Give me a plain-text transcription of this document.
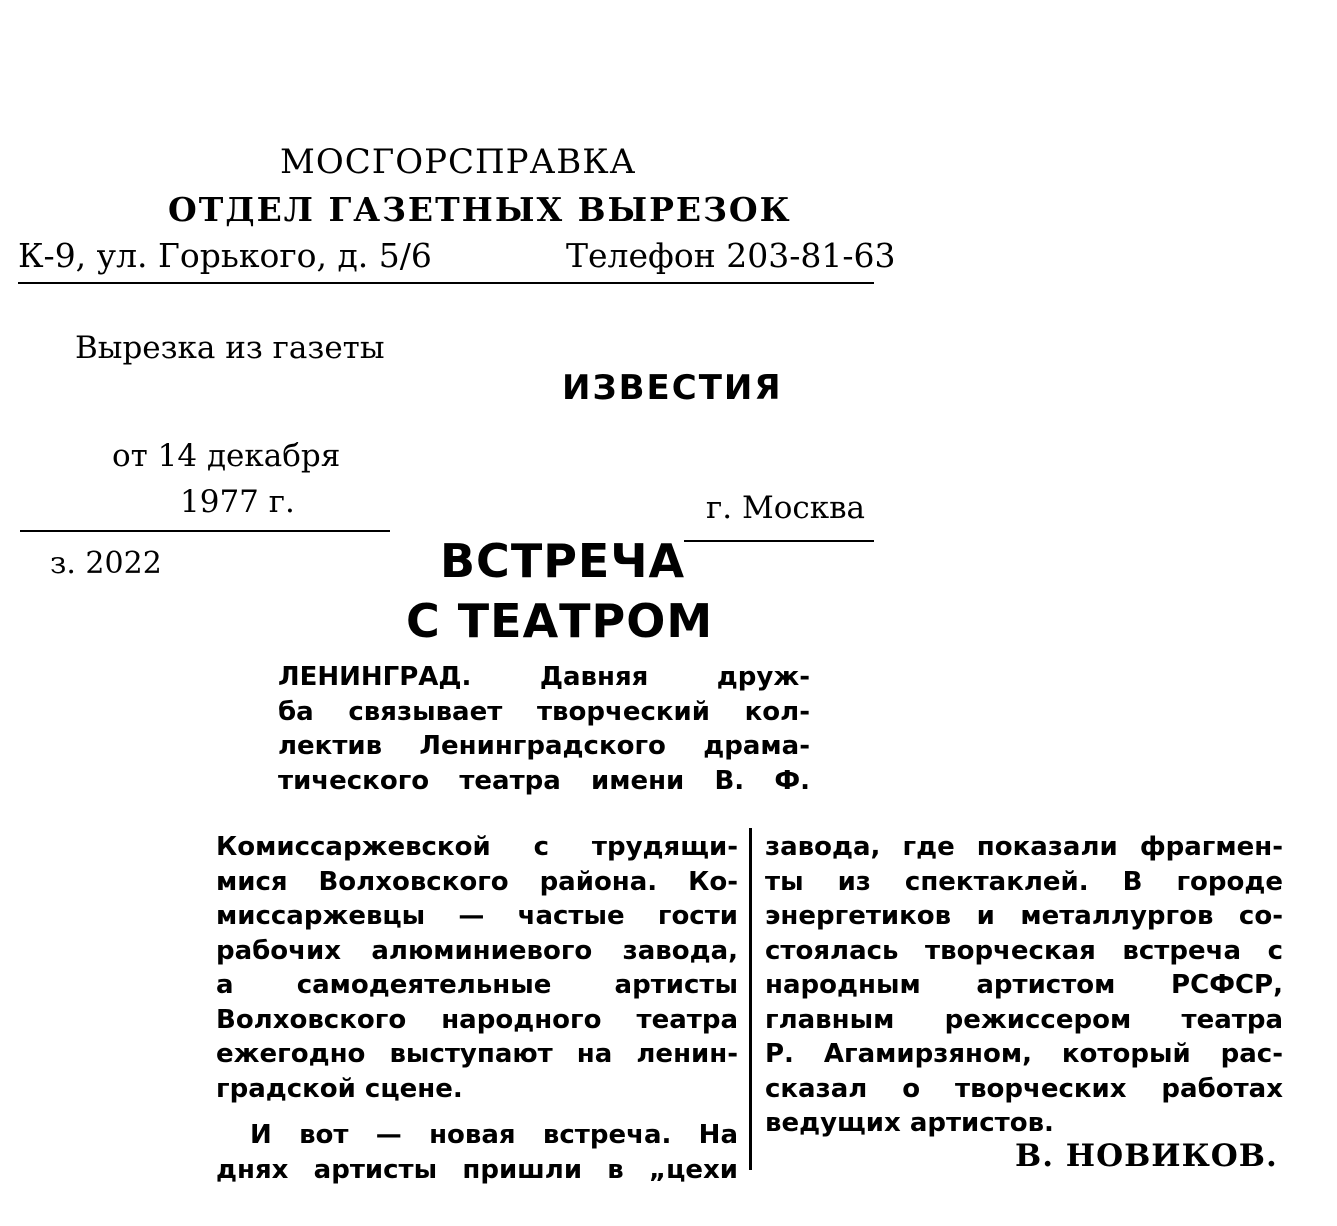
МОСГОРСПРАВКА
ОТДЕЛ ГАЗЕТНЫХ ВЫРЕЗОК
К-9, ул. Горького, д. 5/6	Телефон 203-81-63
Вырезка из газеты
ИЗВЕСТИЯ
от 14 декабря
1977 г.	г. Москва
з. 2022	ВСТРЕЧА
С ТЕАТРОМ
ЛЕНИНГРАД. Давняя друж-
ба связывает творческий кол-
лектив Ленинградского драма-
тического театра имени В. Ф.
Комиссаржевской с трудящи-
мися Волховского района. Ко-
миссаржевцы — частые гости
рабочих алюминиевого завода,
а самодеятельные артисты
Волховского народного театра
ежегодно выступают на ленин-
градской сцене.
И вот — новая встреча. На
днях артисты пришли в „цехи
завода, где показали фрагмен-
ты из спектаклей. В городе
энергетиков и металлургов со-
стоялась творческая встреча с
народным артистом РСФСР,
главным режиссером театра
Р. Агамирзяном, который рас-
сказал о творческих работах
ведущих артистов.
В. НОВИКОВ.
